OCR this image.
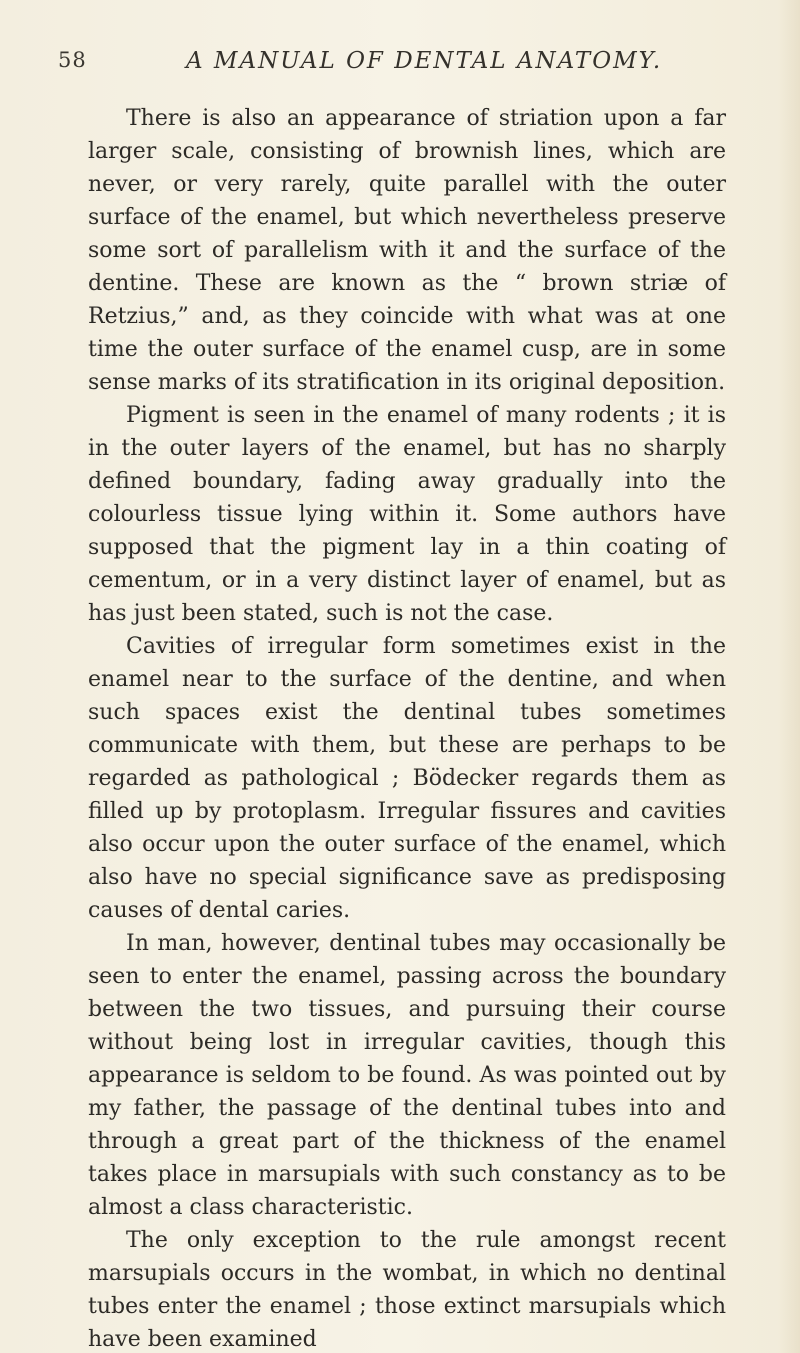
58	A MANUAL OF DENTAL ANATOMY.

There is also an appearance of striation upon a far larger scale, consisting of brownish lines, which are never, or very rarely, quite parallel with the outer surface of the enamel, but which nevertheless preserve some sort of parallelism with it and the surface of the dentine. These are known as the “ brown striæ of Retzius,” and, as they coincide with what was at one time the outer surface of the enamel cusp, are in some sense marks of its stratification in its original deposition.

Pigment is seen in the enamel of many rodents ; it is in the outer layers of the enamel, but has no sharply defined boundary, fading away gradually into the colourless tissue lying within it. Some authors have supposed that the pigment lay in a thin coating of cementum, or in a very distinct layer of enamel, but as has just been stated, such is not the case.

Cavities of irregular form sometimes exist in the enamel near to the surface of the dentine, and when such spaces exist the dentinal tubes sometimes communicate with them, but these are perhaps to be regarded as pathological ; Bödecker regards them as filled up by protoplasm. Irregular fissures and cavities also occur upon the outer surface of the enamel, which also have no special significance save as predisposing causes of dental caries.

In man, however, dentinal tubes may occasionally be seen to enter the enamel, passing across the boundary between the two tissues, and pursuing their course without being lost in irregular cavities, though this appearance is seldom to be found. As was pointed out by my father, the passage of the dentinal tubes into and through a great part of the thickness of the enamel takes place in marsupials with such constancy as to be almost a class characteristic.

The only exception to the rule amongst recent marsupials occurs in the wombat, in which no dentinal tubes enter the enamel ; those extinct marsupials which have been examined
